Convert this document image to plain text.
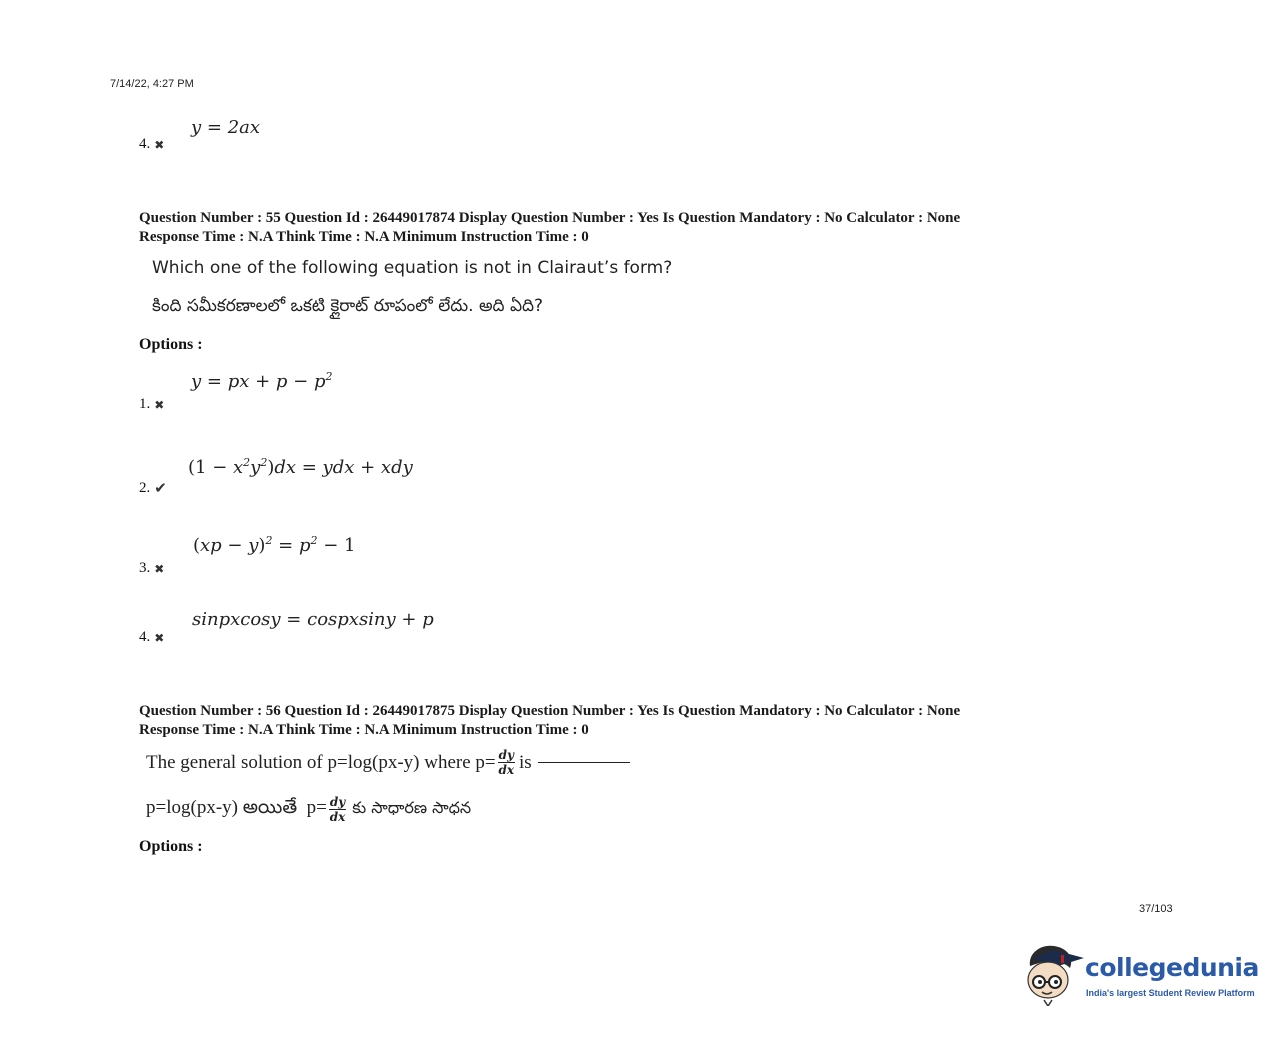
7/14/22, 4:27 PM
4. ✖
y = 2ax
Question Number : 55 Question Id : 26449017874 Display Question Number : Yes Is Question Mandatory : No Calculator : None
Response Time : N.A Think Time : N.A Minimum Instruction Time : 0
Which one of the following equation is not in Clairaut’s form?
కింది సమీకరణాలలో ఒకటి క్లైరాట్ రూపంలో లేదు. అది ఏది?
Options :
y = px + $p - p^2$
1. ✖
$(1 - x^2y^2)dx$ = ydx + xdy
2. ✔
$(xp - y)^2 = p^2 - 1$
3. ✖
sinpxcosy = cospxsiny + p
4. ✖
Question Number : 56 Question Id : 26449017875 Display Question Number : Yes Is Question Mandatory : No Calculator : None
Response Time : N.A Think Time : N.A Minimum Instruction Time : 0
The general solution of p=log(px-y) where $p= \frac{dy}{dx}$ is
p=log(px-y) అయితే  $p= \frac{dy}{dx}$ కు సాధారణ సాధన
Options :
37/103
collegedunia
India's largest Student Review Platform
